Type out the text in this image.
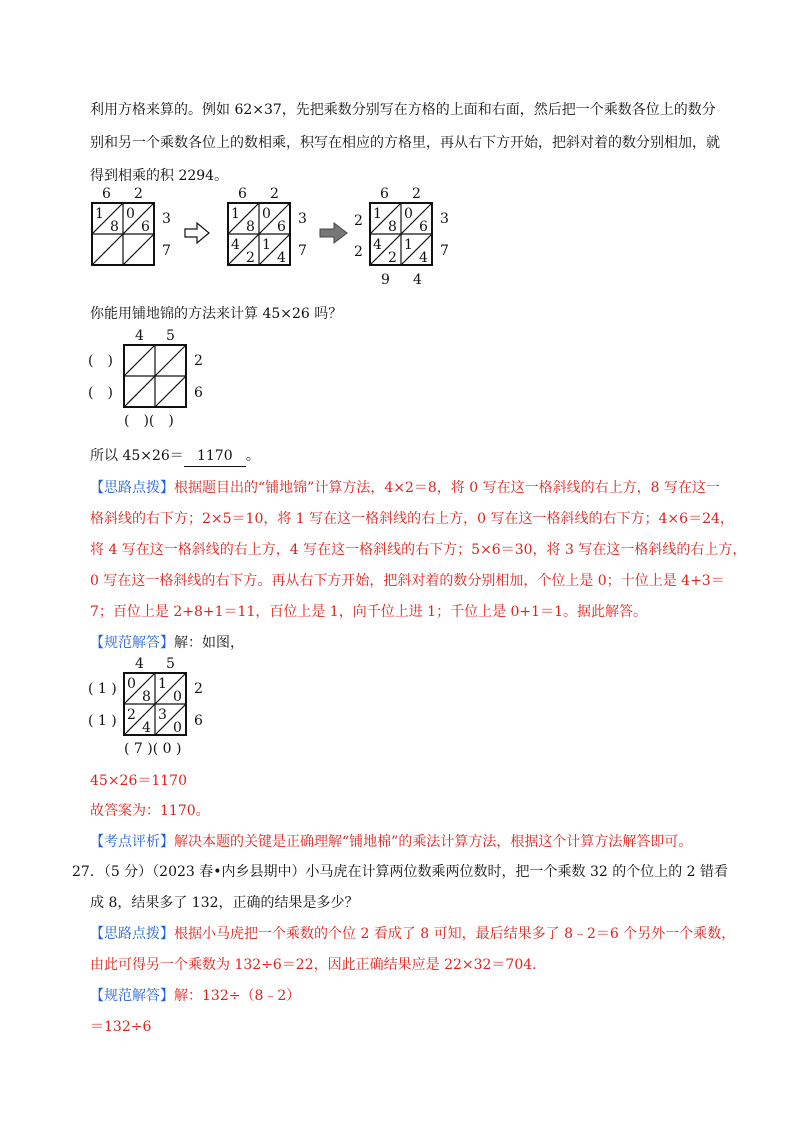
利用方格来算的。例如 62×37，先把乘数分别写在方格的上面和右面，然后把一个乘数各位上的数分
别和另一个乘数各位上的数相乘，积写在相应的方格里，再从右下方开始，把斜对着的数分别相加，就
得到相乘的积 2294。
6 2
3
7
1
8
0
6
6 2
3
7
1
8
0
6
4
2
1
4
6 2
3
7
2
2
1
8
0
6
4
2
1
4
9 4
你能用铺地锦的方法来计算 45×26 吗？
4 5
2
6
(　)
(　)
(　)(　)
所以 45×26＝ 1170 。
【思路点拨】根据题目出的“铺地锦”计算方法，4×2＝8，将 0 写在这一格斜线的右上方，8 写在这一
格斜线的右下方；2×5＝10，将 1 写在这一格斜线的右上方，0 写在这一格斜线的右下方；4×6＝24，
将 4 写在这一格斜线的右上方，4 写在这一格斜线的右下方；5×6＝30，将 3 写在这一格斜线的右上方，
0 写在这一格斜线的右下方。再从右下方开始，把斜对着的数分别相加，个位上是 0；十位上是 4+3＝
7；百位上是 2+8+1＝11，百位上是 1，向千位上进 1；千位上是 0+1＝1。据此解答。
【规范解答】解：如图，
4 5
2
6
( 1 )
( 1 )
0
8
1
0
2
4
3
0
( 7 )( 0 )
45×26＝1170
故答案为：1170。
【考点评析】解决本题的关键是正确理解“铺地棉”的乘法计算方法，根据这个计算方法解答即可。
27．（5 分）（2023 春•内乡县期中）小马虎在计算两位数乘两位数时，把一个乘数 32 的个位上的 2 错看
成 8，结果多了 132，正确的结果是多少？
【思路点拨】根据小马虎把一个乘数的个位 2 看成了 8 可知，最后结果多了 8﹣2＝6 个另外一个乘数，
由此可得另一个乘数为 132÷6＝22，因此正确结果应是 22×32＝704.
【规范解答】解：132÷（8﹣2）
＝132÷6
